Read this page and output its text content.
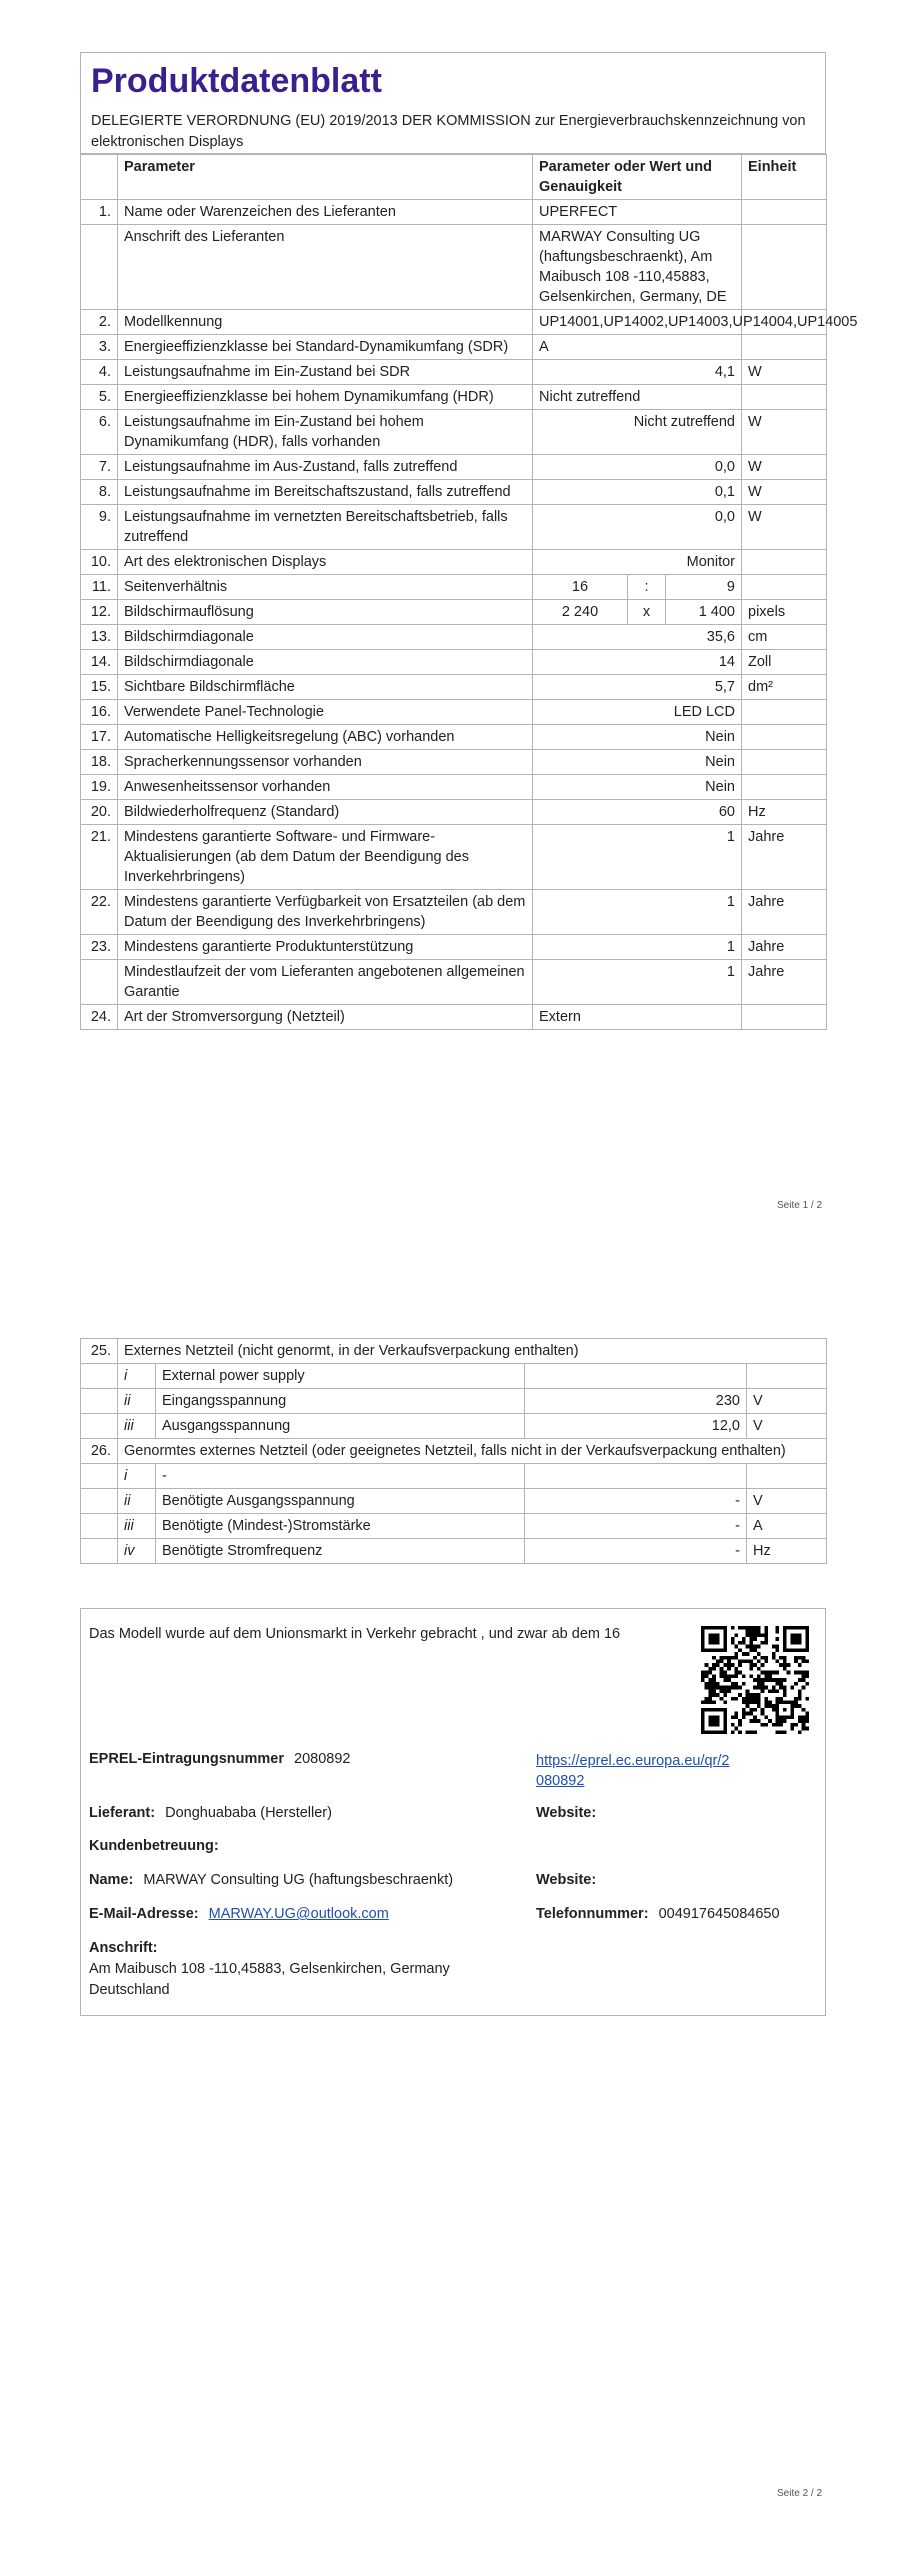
Produktdatenblatt
DELEGIERTE VERORDNUNG (EU) 2019/2013 DER KOMMISSION zur Energieverbrauchskennzeichnung von elektronischen Displays
	Parameter	Parameter oder Wert und Genauigkeit			Einheit
1.	Name oder Warenzeichen des Lieferanten	UPERFECT			
	Anschrift des Lieferanten	MARWAY Consulting UG (haftungsbeschraenkt), Am Maibusch 108 -110,45883, Gelsenkirchen, Germany, DE			
2.	Modellkennung	UP14001,UP14002,UP14003,UP14004,UP14005			
3.	Energieeffizienzklasse bei Standard-Dynamikumfang (SDR)	A			
4.	Leistungsaufnahme im Ein-Zustand bei SDR	4,1			W
5.	Energieeffizienzklasse bei hohem Dynamikumfang (HDR)	Nicht zutreffend			
6.	Leistungsaufnahme im Ein-Zustand bei hohem Dynamikumfang (HDR), falls vorhanden	Nicht zutreffend			W
7.	Leistungsaufnahme im Aus-Zustand, falls zutreffend	0,0			W
8.	Leistungsaufnahme im Bereitschaftszustand, falls zutreffend	0,1			W
9.	Leistungsaufnahme im vernetzten Bereitschaftsbetrieb, falls zutreffend	0,0			W
10.	Art des elektronischen Displays	Monitor			
11.	Seitenverhältnis	16	:	9	
12.	Bildschirmauflösung	2 240	x	1 400	pixels
13.	Bildschirmdiagonale	35,6			cm
14.	Bildschirmdiagonale	14			Zoll
15.	Sichtbare Bildschirmfläche	5,7			dm²
16.	Verwendete Panel-Technologie	LED LCD			
17.	Automatische Helligkeitsregelung (ABC) vorhanden	Nein			
18.	Spracherkennungssensor vorhanden	Nein			
19.	Anwesenheitssensor vorhanden	Nein			
20.	Bildwiederholfrequenz (Standard)	60			Hz
21.	Mindestens garantierte Software- und Firmware-Aktualisierungen (ab dem Datum der Beendigung des Inverkehrbringens)	1			Jahre
22.	Mindestens garantierte Verfügbarkeit von Ersatzteilen (ab dem Datum der Beendigung des Inverkehrbringens)	1			Jahre
23.	Mindestens garantierte Produktunterstützung	1			Jahre
	Mindestlaufzeit der vom Lieferanten angebotenen allgemeinen Garantie	1			Jahre
24.	Art der Stromversorgung (Netzteil)	Extern			
Seite 1 / 2
25.	Externes Netzteil (nicht genormt, in der Verkaufsverpackung enthalten)			
	i	External power supply		
	ii	Eingangsspannung	230	V
	iii	Ausgangsspannung	12,0	V
26.	Genormtes externes Netzteil (oder geeignetes Netzteil, falls nicht in der Verkaufsverpackung enthalten)			
	i	-		
	ii	Benötigte Ausgangsspannung	-	V
	iii	Benötigte (Mindest-)Stromstärke	-	A
	iv	Benötigte Stromfrequenz	-	Hz
Das Modell wurde auf dem Unionsmarkt in Verkehr gebracht , und zwar ab dem 16
EPREL-Eintragungsnummer 2080892	https://eprel.ec.europa.eu/qr/2080892
Lieferant: Donghuababa (Hersteller)	Website:
Kundenbetreuung:
Name: MARWAY Consulting UG (haftungsbeschraenkt)	Website:
E-Mail-Adresse: MARWAY.UG@outlook.com	Telefonnummer: 004917645084650
Anschrift:
Am Maibusch 108 -110,45883, Gelsenkirchen, Germany
Deutschland
Seite 2 / 2
